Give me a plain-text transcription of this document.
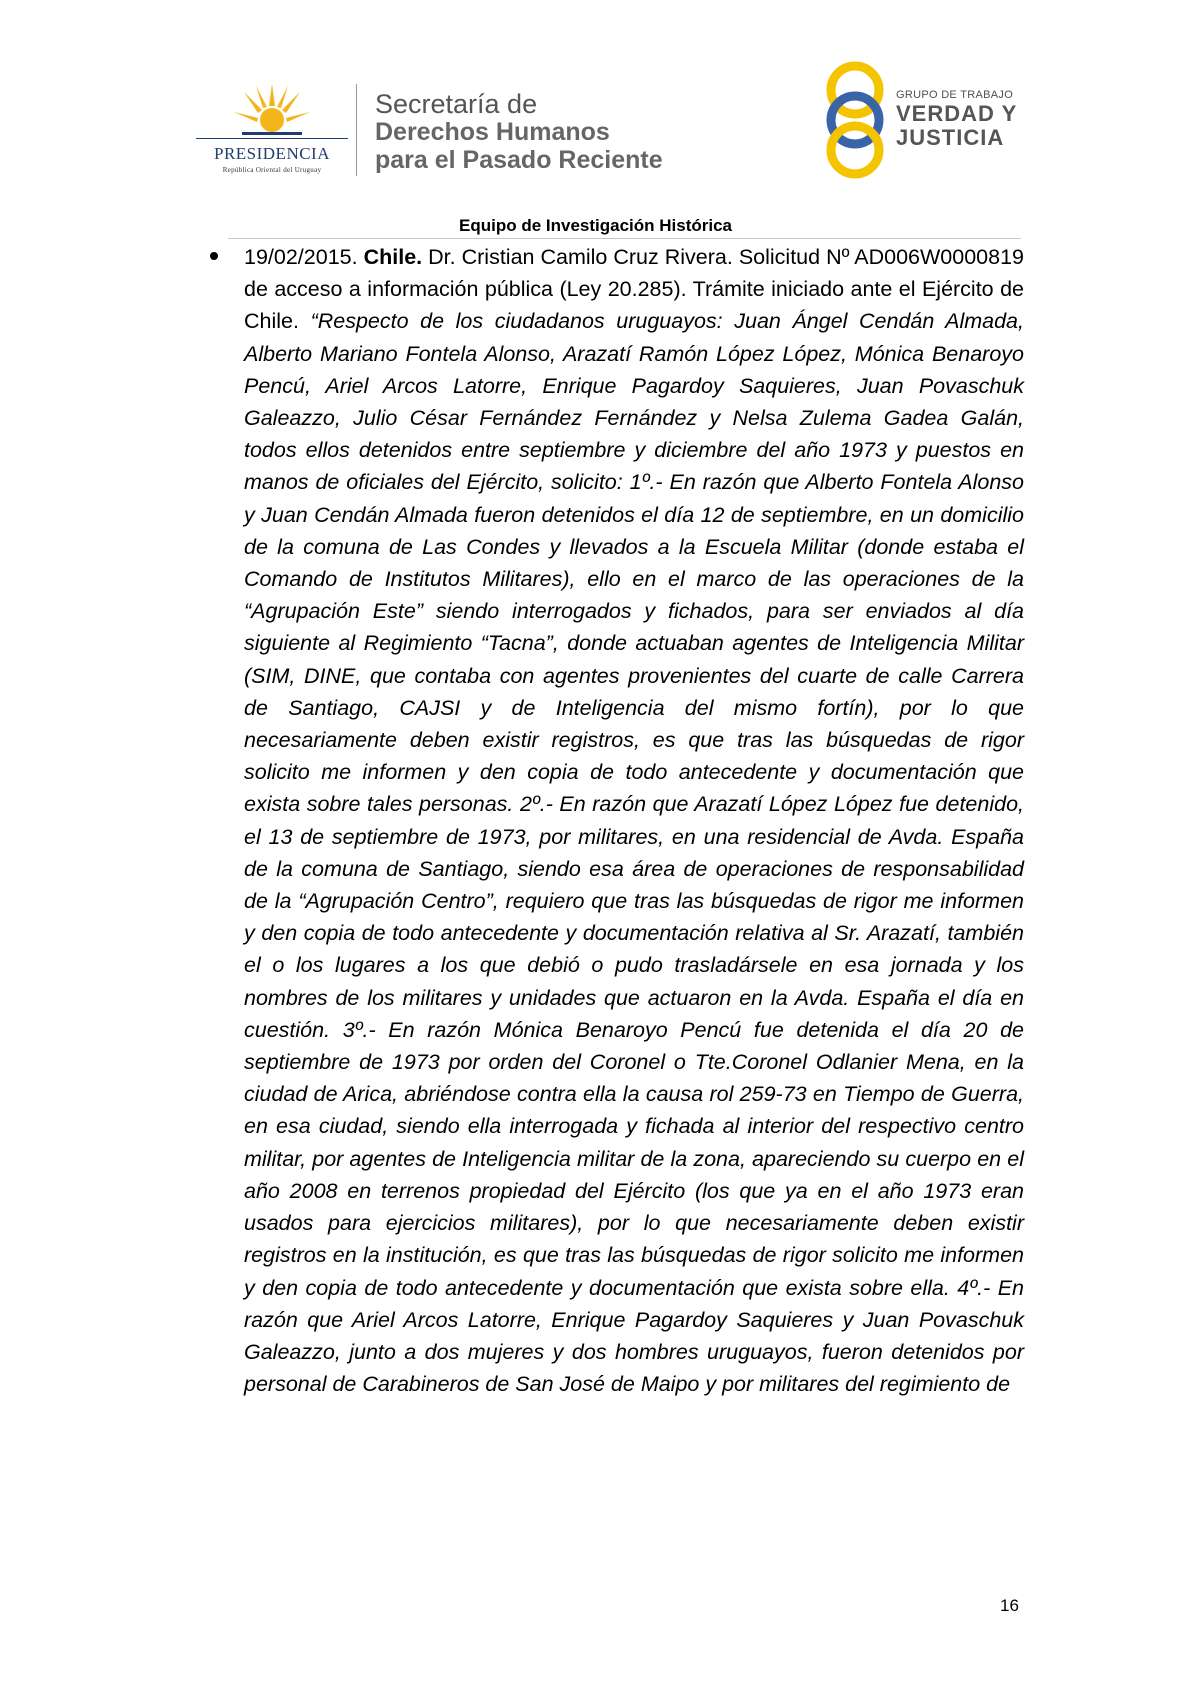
PRESIDENCIA
República Oriental del Uruguay
Secretaría de
Derechos Humanos
para el Pasado Reciente
GRUPO DE TRABAJO
VERDAD Y
JUSTICIA
Equipo de Investigación Histórica

19/02/2015. Chile. Dr. Cristian Camilo Cruz Rivera. Solicitud Nº AD006W0000819 de acceso a información pública (Ley 20.285). Trámite iniciado ante el Ejército de Chile. “Respecto de los ciudadanos uruguayos: Juan Ángel Cendán Almada, Alberto Mariano Fontela Alonso, Arazatí Ramón López López, Mónica Benaroyo Pencú, Ariel Arcos Latorre, Enrique Pagardoy Saquieres, Juan Povaschuk Galeazzo, Julio César Fernández Fernández y Nelsa Zulema Gadea Galán, todos ellos detenidos entre septiembre y diciembre del año 1973 y puestos en manos de oficiales del Ejército, solicito: 1º.- En razón que Alberto Fontela Alonso y Juan Cendán Almada fueron detenidos el día 12 de septiembre, en un domicilio de la comuna de Las Condes y llevados a la Escuela Militar (donde estaba el Comando de Institutos Militares), ello en el marco de las operaciones de la “Agrupación Este” siendo interrogados y fichados, para ser enviados al día siguiente al Regimiento “Tacna”, donde actuaban agentes de Inteligencia Militar (SIM, DINE, que contaba con agentes provenientes del cuarte de calle Carrera de Santiago, CAJSI y de Inteligencia del mismo fortín), por lo que necesariamente deben existir registros, es que tras las búsquedas de rigor solicito me informen y den copia de todo antecedente y documentación que exista sobre tales personas. 2º.- En razón que Arazatí López López fue detenido, el 13 de septiembre de 1973, por militares, en una residencial de Avda. España de la comuna de Santiago, siendo esa área de operaciones de responsabilidad de la “Agrupación Centro”, requiero que tras las búsquedas de rigor me informen y den copia de todo antecedente y documentación relativa al Sr. Arazatí, también el o los lugares a los que debió o pudo trasladársele en esa jornada y los nombres de los militares y unidades que actuaron en la Avda. España el día en cuestión. 3º.- En razón Mónica Benaroyo Pencú fue detenida el día 20 de septiembre de 1973 por orden del Coronel o Tte.Coronel Odlanier Mena, en la ciudad de Arica, abriéndose contra ella la causa rol 259-73 en Tiempo de Guerra, en esa ciudad, siendo ella interrogada y fichada al interior del respectivo centro militar, por agentes de Inteligencia militar de la zona, apareciendo su cuerpo en el año 2008 en terrenos propiedad del Ejército (los que ya en el año 1973 eran usados para ejercicios militares), por lo que necesariamente deben existir registros en la institución, es que tras las búsquedas de rigor solicito me informen y den copia de todo antecedente y documentación que exista sobre ella. 4º.- En razón que Ariel Arcos Latorre, Enrique Pagardoy Saquieres y Juan Povaschuk Galeazzo, junto a dos mujeres y dos hombres uruguayos, fueron detenidos por personal de Carabineros de San José de Maipo y por militares del regimiento de

16
